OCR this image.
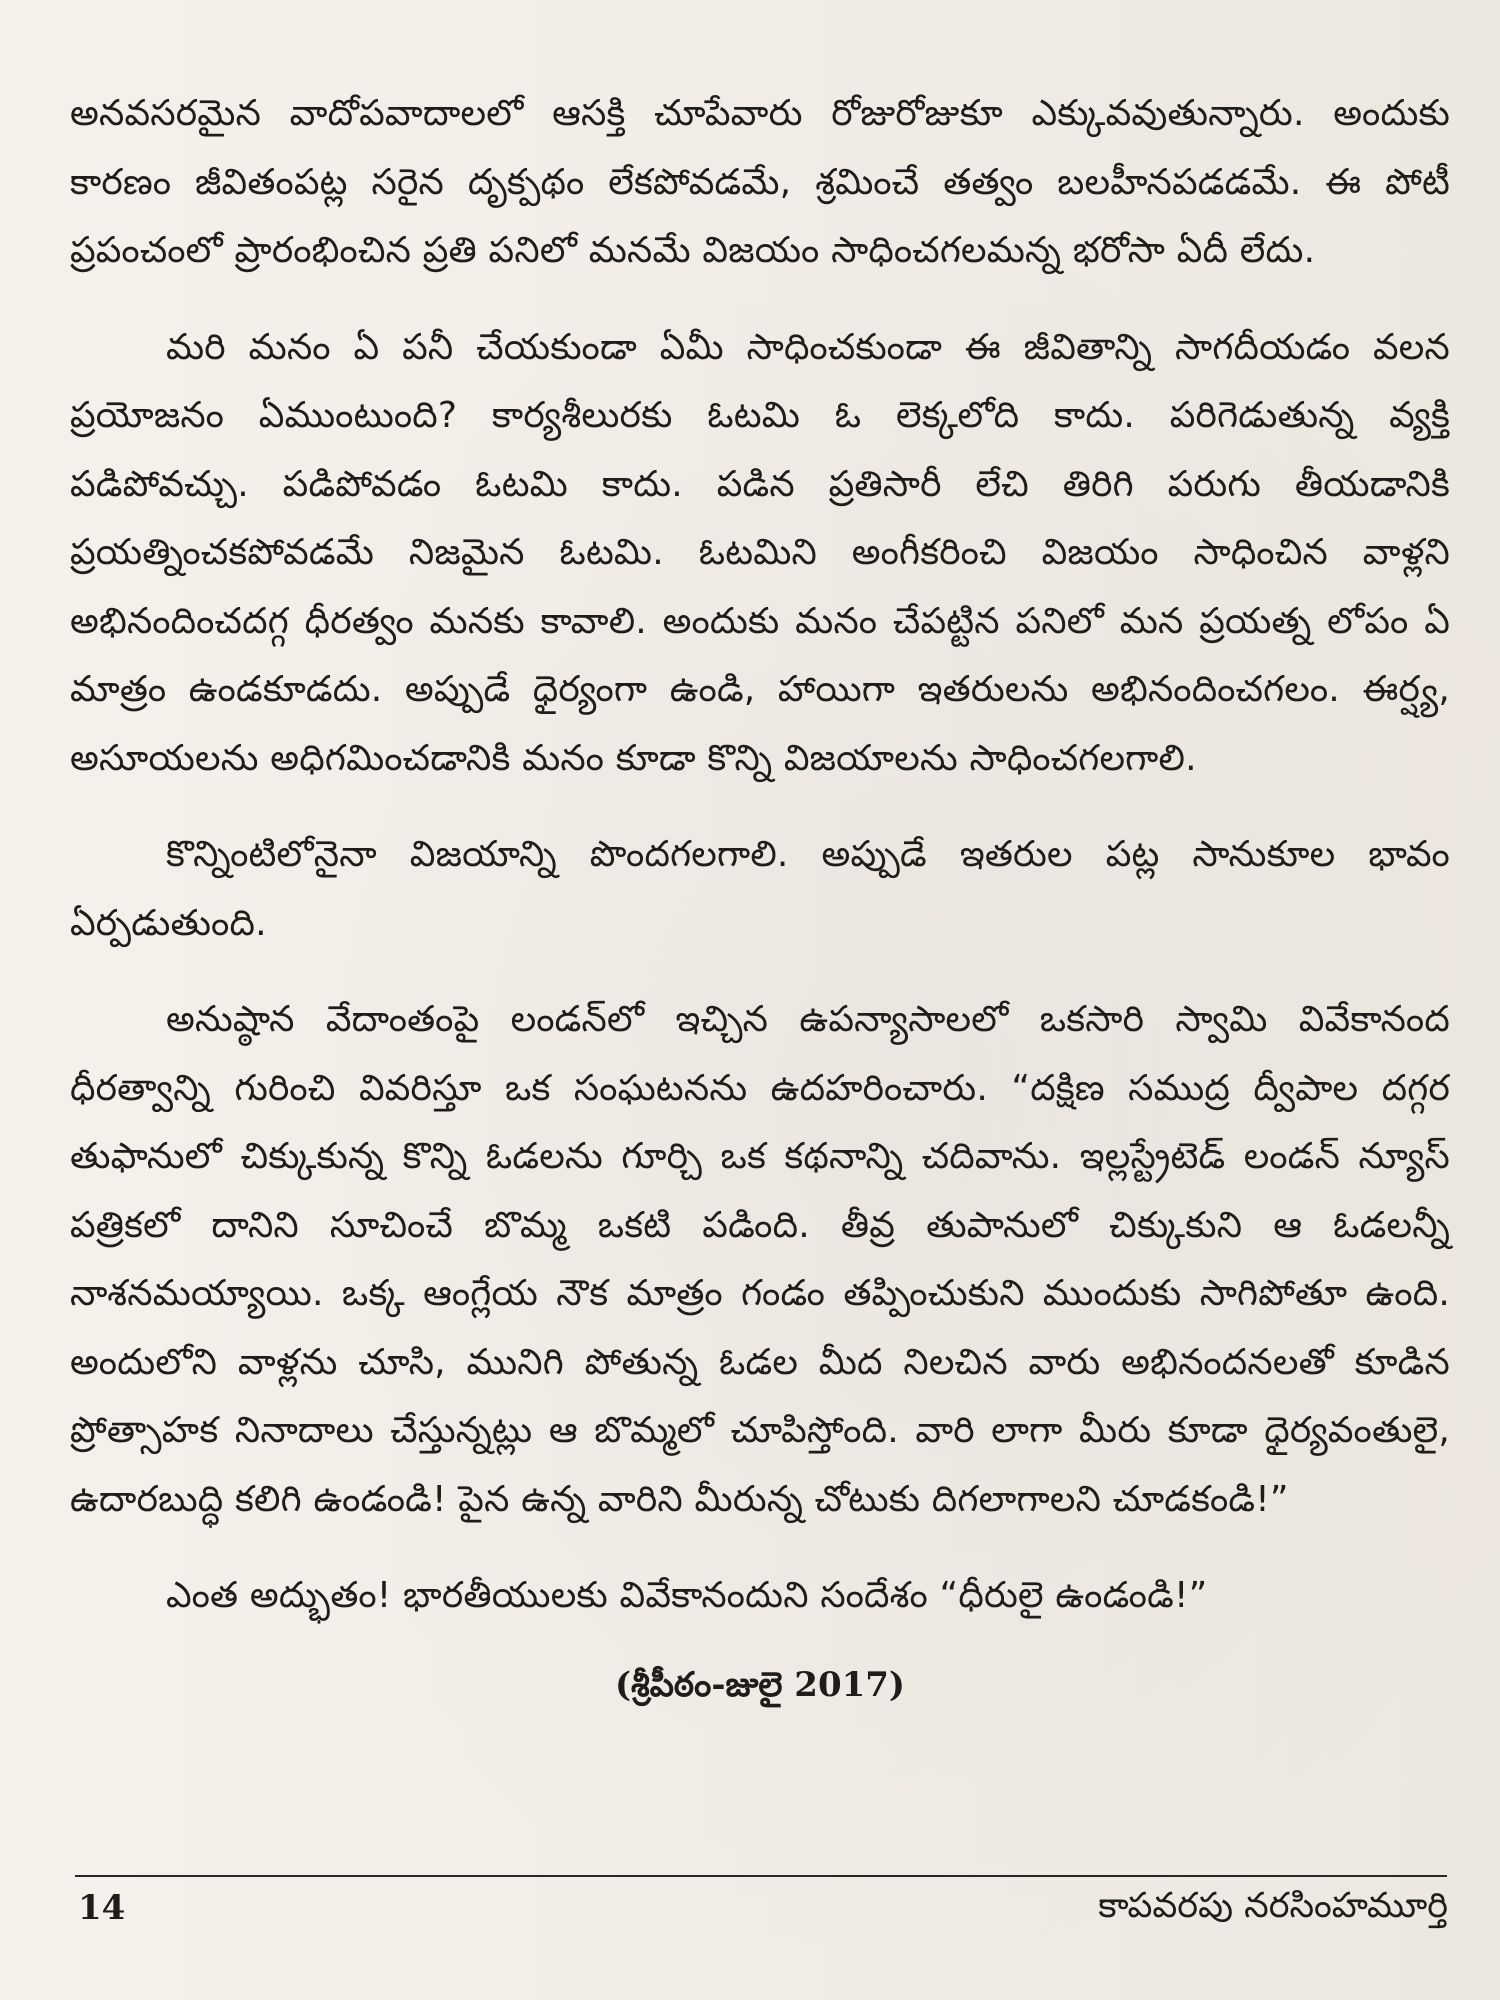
అనవసరమైన వాదోపవాదాలలో ఆసక్తి చూపేవారు రోజురోజుకూ ఎక్కువవుతున్నారు. అందుకు కారణం జీవితంపట్ల సరైన దృక్పథం లేకపోవడమే, శ్రమించే తత్వం బలహీనపడడమే. ఈ పోటీ ప్రపంచంలో ప్రారంభించిన ప్రతి పనిలో మనమే విజయం సాధించగలమన్న భరోసా ఏదీ లేదు.

మరి మనం ఏ పనీ చేయకుండా ఏమీ సాధించకుండా ఈ జీవితాన్ని సాగదీయడం వలన ప్రయోజనం ఏముంటుంది? కార్యశీలురకు ఓటమి ఓ లెక్కలోది కాదు. పరిగెడుతున్న వ్యక్తి పడిపోవచ్చు. పడిపోవడం ఓటమి కాదు. పడిన ప్రతిసారీ లేచి తిరిగి పరుగు తీయడానికి ప్రయత్నించకపోవడమే నిజమైన ఓటమి. ఓటమిని అంగీకరించి విజయం సాధించిన వాళ్లని అభినందించదగ్గ ధీరత్వం మనకు కావాలి. అందుకు మనం చేపట్టిన పనిలో మన ప్రయత్న లోపం ఏ మాత్రం ఉండకూడదు. అప్పుడే ధైర్యంగా ఉండి, హాయిగా ఇతరులను అభినందించగలం. ఈర్ష్య, అసూయలను అధిగమించడానికి మనం కూడా కొన్ని విజయాలను సాధించగలగాలి.

కొన్నింటిలోనైనా విజయాన్ని పొందగలగాలి. అప్పుడే ఇతరుల పట్ల సానుకూల భావం ఏర్పడుతుంది.

అనుష్ఠాన వేదాంతంపై లండన్‌లో ఇచ్చిన ఉపన్యాసాలలో ఒకసారి స్వామి వివేకానంద ధీరత్వాన్ని గురించి వివరిస్తూ ఒక సంఘటనను ఉదహరించారు. “దక్షిణ సముద్ర ద్వీపాల దగ్గర తుఫానులో చిక్కుకున్న కొన్ని ఓడలను గూర్చి ఒక కథనాన్ని చదివాను. ఇల్లస్ట్రేటెడ్ లండన్ న్యూస్ పత్రికలో దానిని సూచించే బొమ్మ ఒకటి పడింది. తీవ్ర తుపానులో చిక్కుకుని ఆ ఓడలన్నీ నాశనమయ్యాయి. ఒక్క ఆంగ్లేయ నౌక మాత్రం గండం తప్పించుకుని ముందుకు సాగిపోతూ ఉంది. అందులోని వాళ్లను చూసి, మునిగి పోతున్న ఓడల మీద నిలచిన వారు అభినందనలతో కూడిన ప్రోత్సాహక నినాదాలు చేస్తున్నట్లు ఆ బొమ్మలో చూపిస్తోంది. వారి లాగా మీరు కూడా ధైర్యవంతులై, ఉదారబుద్ధి కలిగి ఉండండి! పైన ఉన్న వారిని మీరున్న చోటుకు దిగలాగాలని చూడకండి!”

ఎంత అద్భుతం! భారతీయులకు వివేకానందుని సందేశం “ధీరులై ఉండండి!”

(శ్రీపీఠం-జులై 2017)
14	కాపవరపు నరసింహమూర్తి
